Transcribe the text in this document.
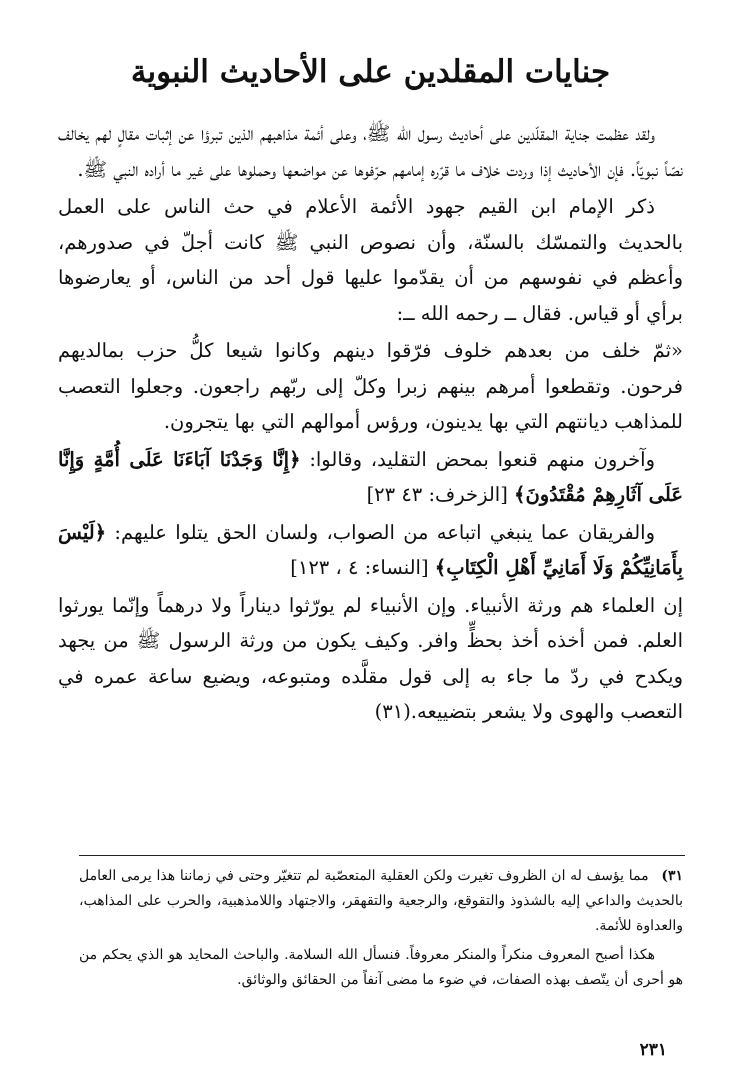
جنايات المقلدين على الأحاديث النبوية

ولقد عظمت جناية المقلّدين على أحاديث رسول الله ﷺ، وعلى أئمة مذاهبهم الذين تبرؤا عن إثبات مقالٍ لهم يخالف نصّاً نبويّاً. فإن الأحاديث إذا وردت خلاف ما قرّره إمامهم حرّفوها عن مواضعها وحملوها على غير ما أراده النبي ﷺ.

ذكر الإمام ابن القيم جهود الأئمة الأعلام في حث الناس على العمل بالحديث والتمسّك بالسنّة، وأن نصوص النبي ﷺ كانت أجلّ في صدورهم، وأعظم في نفوسهم من أن يقدّموا عليها قول أحد من الناس، أو يعارضوها برأي أو قياس. فقال ــ رحمه الله ــ:

«ثمّ خلف من بعدهم خلوف فرّقوا دينهم وكانوا شيعا كلُّ حزب بمالديهم فرحون. وتقطعوا أمرهم بينهم زبرا وكلّ إلى ربّهم راجعون. وجعلوا التعصب للمذاهب ديانتهم التي بها يدينون، ورؤس أموالهم التي بها يتجرون.

وآخرون منهم قنعوا بمحض التقليد، وقالوا: ﴿إِنَّا وَجَدْنَا آبَاءَنَا عَلَى أُمَّةٍ وَإِنَّا عَلَى آثَارِهِمْ مُقْتَدُونَ﴾ [الزخرف: ٤٣ ٢٣]

والفريقان عما ينبغي اتباعه من الصواب، ولسان الحق يتلوا عليهم: ﴿لَيْسَ بِأَمَانِيِّكُمْ وَلَا أَمَانِيِّ أَهْلِ الْكِتَابِ﴾ [النساء: ٤ ، ١٢٣]

إن العلماء هم ورثة الأنبياء. وإن الأنبياء لم يورّثوا ديناراً ولا درهماً وإنّما يورثوا العلم. فمن أخذه أخذ بحظٍّ وافر. وكيف يكون من ورثة الرسول ﷺ من يجهد ويكدح في ردّ ما جاء به إلى قول مقلَّده ومتبوعه، ويضيع ساعة عمره في التعصب والهوى ولا يشعر بتضييعه.(٣١)

٣١) مما يؤسف له ان الظروف تغيرت ولكن العقلية المتعصّبة لم تتغيّر وحتى في زماننا هذا يرمى العامل بالحديث والداعي إليه بالشذوذ والتقوقع، والرجعية والتقهقر، والاجتهاد واللامذهبية، والحرب على المذاهب، والعداوة للأئمة.

هكذا أصبح المعروف منكراً والمنكر معروفاً. فنسأل الله السلامة. والباحث المحايد هو الذي يحكم من هو أحرى أن يتّصف بهذه الصفات، في ضوء ما مضى آنفاً من الحقائق والوثائق.

٢٣١
